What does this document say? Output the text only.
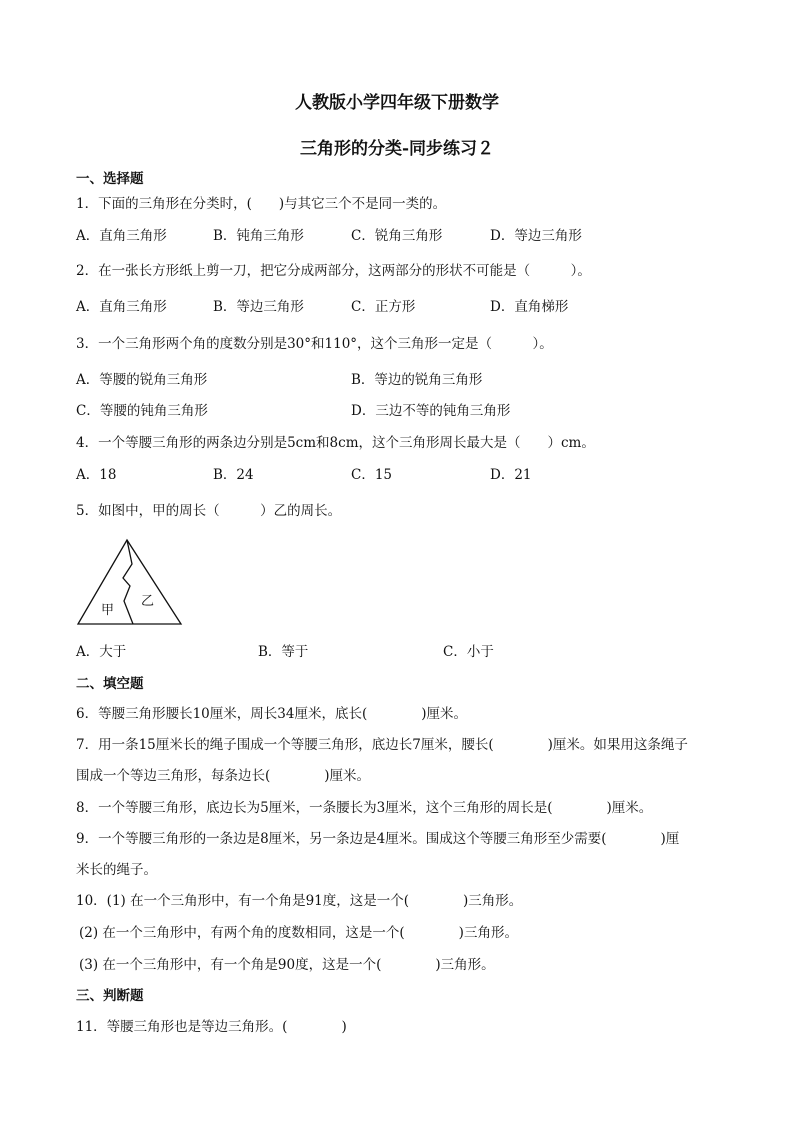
人教版小学四年级下册数学
三角形的分类-同步练习２
一、选择题
1．下面的三角形在分类时，(　　)与其它三个不是同一类的。
A．直角三角形	B．钝角三角形	C．锐角三角形	D．等边三角形
2．在一张长方形纸上剪一刀，把它分成两部分，这两部分的形状不可能是（　　　）。
A．直角三角形	B．等边三角形	C．正方形	D．直角梯形
3．一个三角形两个角的度数分别是30°和110°，这个三角形一定是（　　　）。
A．等腰的锐角三角形	B．等边的锐角三角形
C．等腰的钝角三角形	D．三边不等的钝角三角形
4．一个等腰三角形的两条边分别是5cm和8cm，这个三角形周长最大是（　　）cm。
A．18	B．24	C．15	D．21
5．如图中，甲的周长（　　　）乙的周长。
甲
乙
A．大于	B．等于	C．小于
二、填空题
6．等腰三角形腰长10厘米，周长34厘米，底长(　　　　)厘米。
7．用一条15厘米长的绳子围成一个等腰三角形，底边长7厘米，腰长(　　　　)厘米。如果用这条绳子
围成一个等边三角形，每条边长(　　　　)厘米。
8．一个等腰三角形，底边长为5厘米，一条腰长为3厘米，这个三角形的周长是(　　　　)厘米。
9．一个等腰三角形的一条边是8厘米，另一条边是4厘米。围成这个等腰三角形至少需要(　　　　)厘
米长的绳子。
10．(1) 在一个三角形中，有一个角是91度，这是一个(　　　　)三角形。
(2) 在一个三角形中，有两个角的度数相同，这是一个(　　　　)三角形。
(3) 在一个三角形中，有一个角是90度，这是一个(　　　　)三角形。
三、判断题
11．等腰三角形也是等边三角形。(　　　　)
